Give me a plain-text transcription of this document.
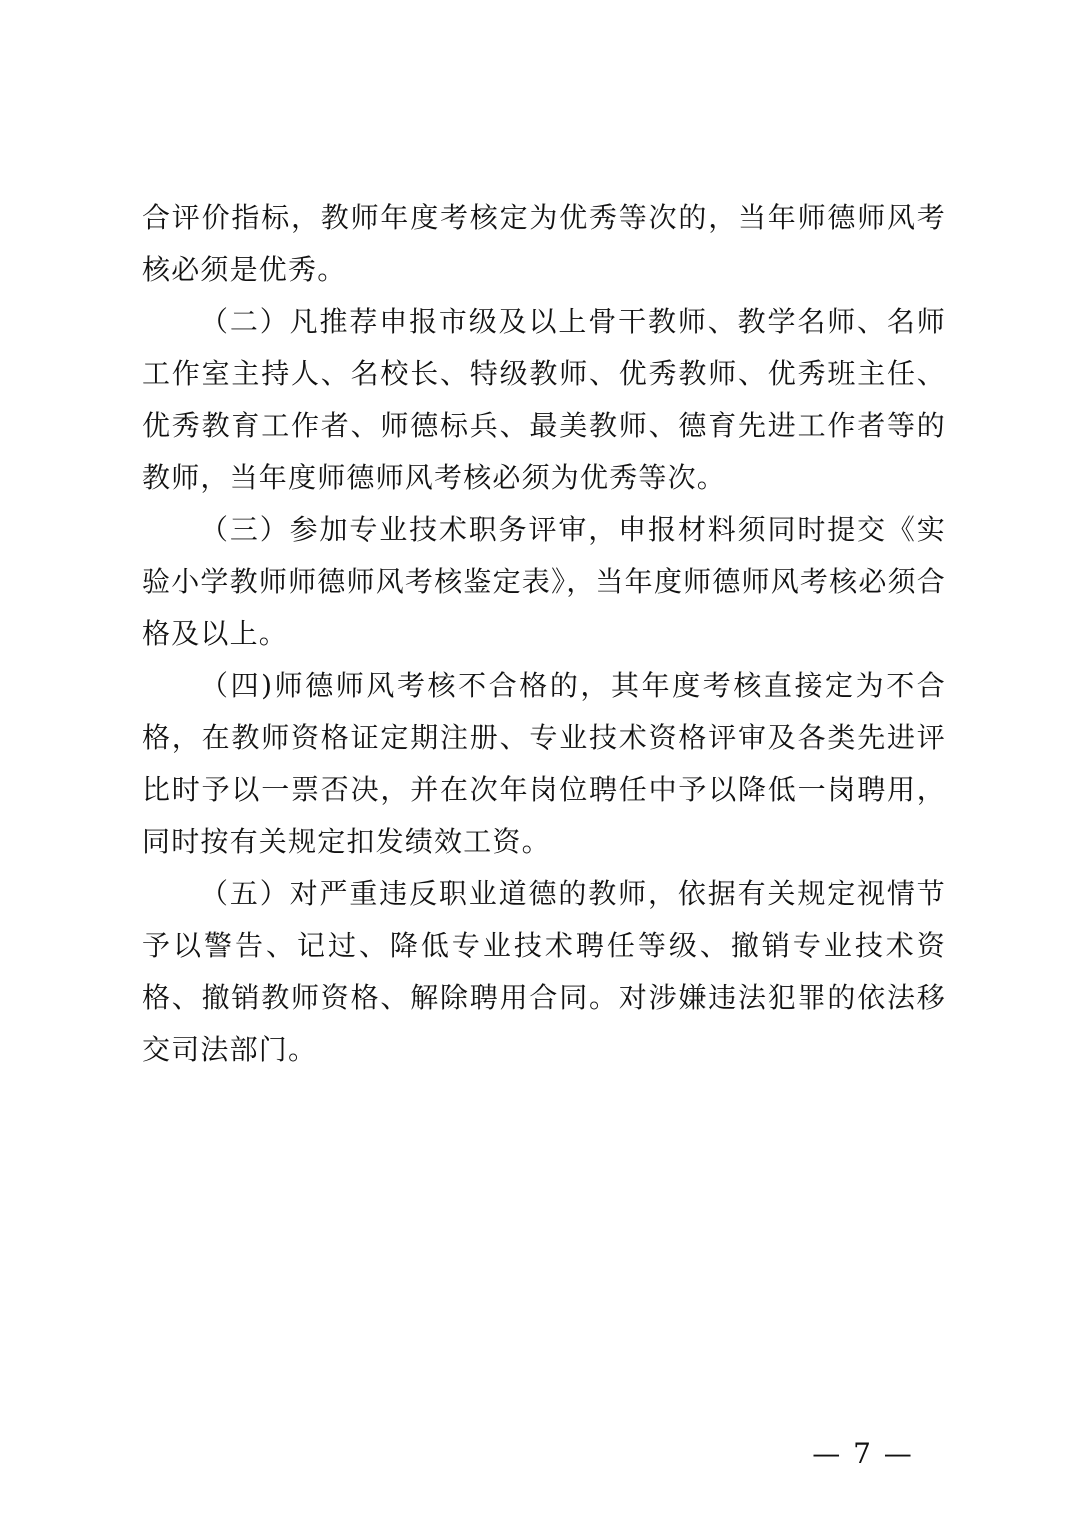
合评价指标，教师年度考核定为优秀等次的，当年师德师风考核必须是优秀。

（二）凡推荐申报市级及以上骨干教师、教学名师、名师工作室主持人、名校长、特级教师、优秀教师、优秀班主任、优秀教育工作者、师德标兵、最美教师、德育先进工作者等的教师，当年度师德师风考核必须为优秀等次。

（三）参加专业技术职务评审，申报材料须同时提交《实验小学教师师德师风考核鉴定表》，当年度师德师风考核必须合格及以上。

（四)师德师风考核不合格的，其年度考核直接定为不合格，在教师资格证定期注册、专业技术资格评审及各类先进评比时予以一票否决，并在次年岗位聘任中予以降低一岗聘用，同时按有关规定扣发绩效工资。

（五）对严重违反职业道德的教师，依据有关规定视情节予以警告、记过、降低专业技术聘任等级、撤销专业技术资格、撤销教师资格、解除聘用合同。对涉嫌违法犯罪的依法移交司法部门。

— 7 —
